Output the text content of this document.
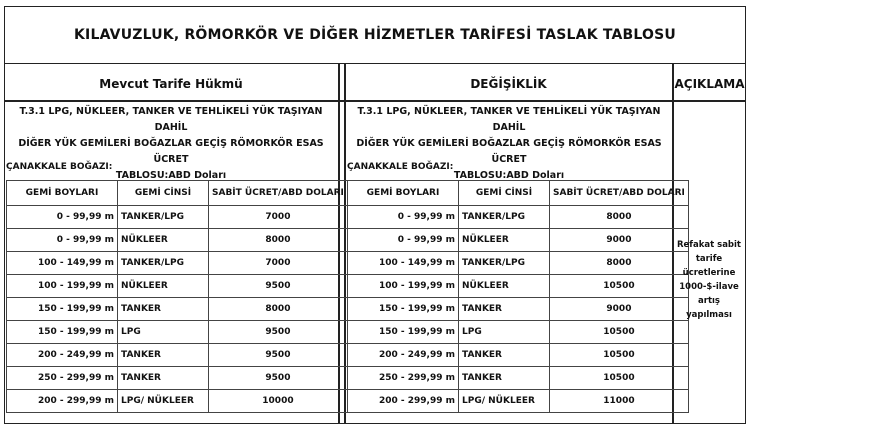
KILAVUZLUK, RÖMORKÖR VE DİĞER HİZMETLER TARİFESİ TASLAK TABLOSU
Mevcut Tarife Hükmü	DEĞİŞİKLİK	AÇIKLAMA
T.3.1 LPG, NÜKLEER, TANKER VE TEHLİKELİ YÜK TAŞIYAN DAHİL
DİĞER YÜK GEMİLERİ BOĞAZLAR GEÇİŞ RÖMORKÖR ESAS ÜCRET
TABLOSU:ABD Doları
ÇANAKKALE BOĞAZI:
T.3.1 LPG, NÜKLEER, TANKER VE TEHLİKELİ YÜK TAŞIYAN DAHİL
DİĞER YÜK GEMİLERİ BOĞAZLAR GEÇİŞ RÖMORKÖR ESAS ÜCRET
TABLOSU:ABD Doları
ÇANAKKALE BOĞAZI:
GEMİ BOYLARI	GEMİ CİNSİ	SABİT ÜCRET/ABD DOLARI
0 - 99,99 m	TANKER/LPG	7000
0 - 99,99 m	NÜKLEER	8000
100 - 149,99 m	TANKER/LPG	7000
100 - 199,99 m	NÜKLEER	9500
150 - 199,99 m	TANKER	8000
150 - 199,99 m	LPG	9500
200 - 249,99 m	TANKER	9500
250 - 299,99 m	TANKER	9500
200 - 299,99 m	LPG/ NÜKLEER	10000
GEMİ BOYLARI	GEMİ CİNSİ	SABİT ÜCRET/ABD DOLARI
0 - 99,99 m	TANKER/LPG	8000
0 - 99,99 m	NÜKLEER	9000
100 - 149,99 m	TANKER/LPG	8000
100 - 199,99 m	NÜKLEER	10500
150 - 199,99 m	TANKER	9000
150 - 199,99 m	LPG	10500
200 - 249,99 m	TANKER	10500
250 - 299,99 m	TANKER	10500
200 - 299,99 m	LPG/ NÜKLEER	11000
Refakat sabit
tarife ücretlerine
1000-$-ilave
artış yapılması
